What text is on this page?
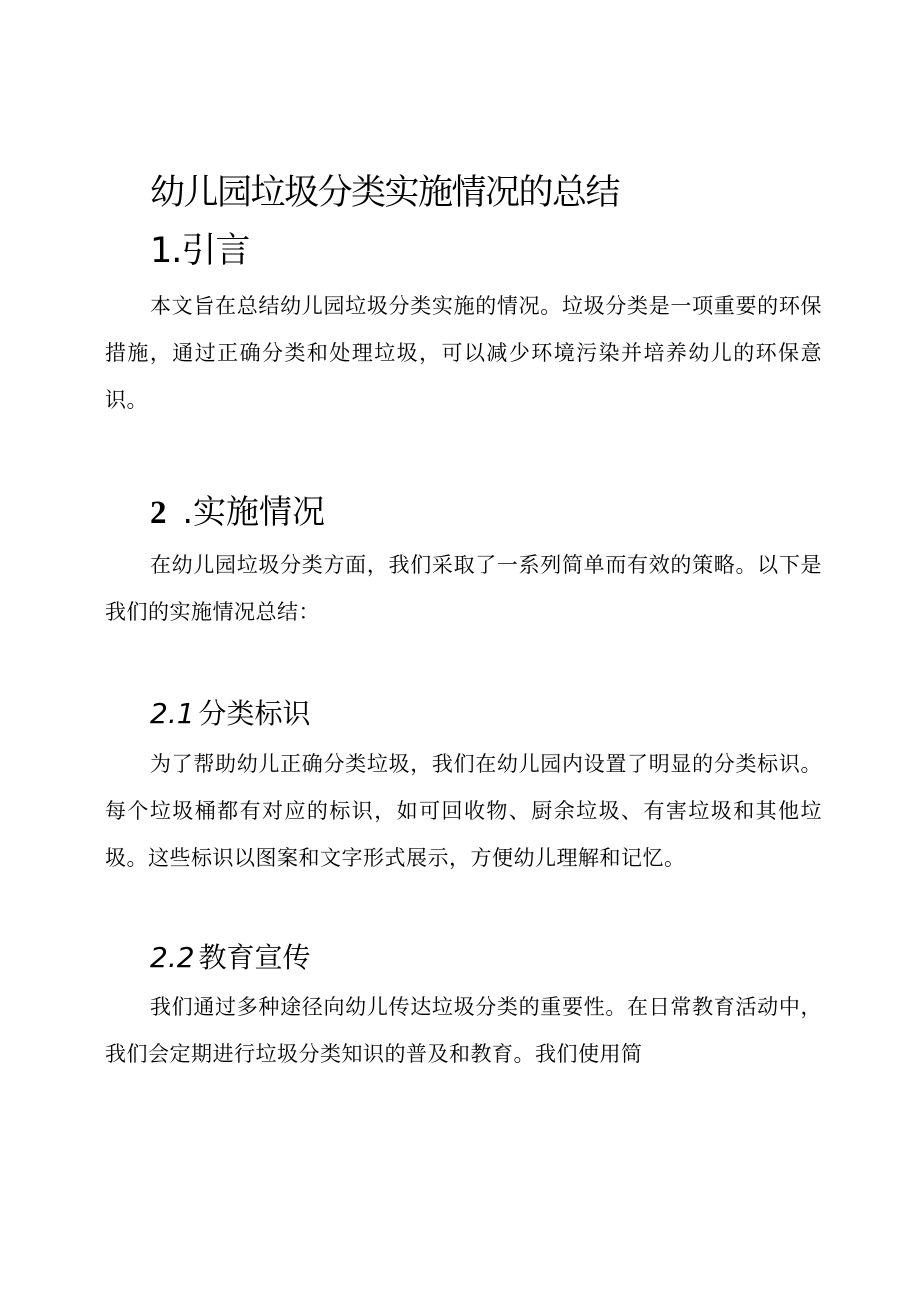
幼儿园垃圾分类实施情况的总结
1.引言
本文旨在总结幼儿园垃圾分类实施的情况。垃圾分类是一项重要的环保措施，通过正确分类和处理垃圾，可以减少环境污染并培养幼儿的环保意识。
2 .实施情况
在幼儿园垃圾分类方面，我们采取了一系列简单而有效的策略。以下是我们的实施情况总结：
2.1 分类标识
为了帮助幼儿正确分类垃圾，我们在幼儿园内设置了明显的分类标识。每个垃圾桶都有对应的标识，如可回收物、厨余垃圾、有害垃圾和其他垃圾。这些标识以图案和文字形式展示，方便幼儿理解和记忆。
2.2 教育宣传
我们通过多种途径向幼儿传达垃圾分类的重要性。在日常教育活动中，我们会定期进行垃圾分类知识的普及和教育。我们使用简
